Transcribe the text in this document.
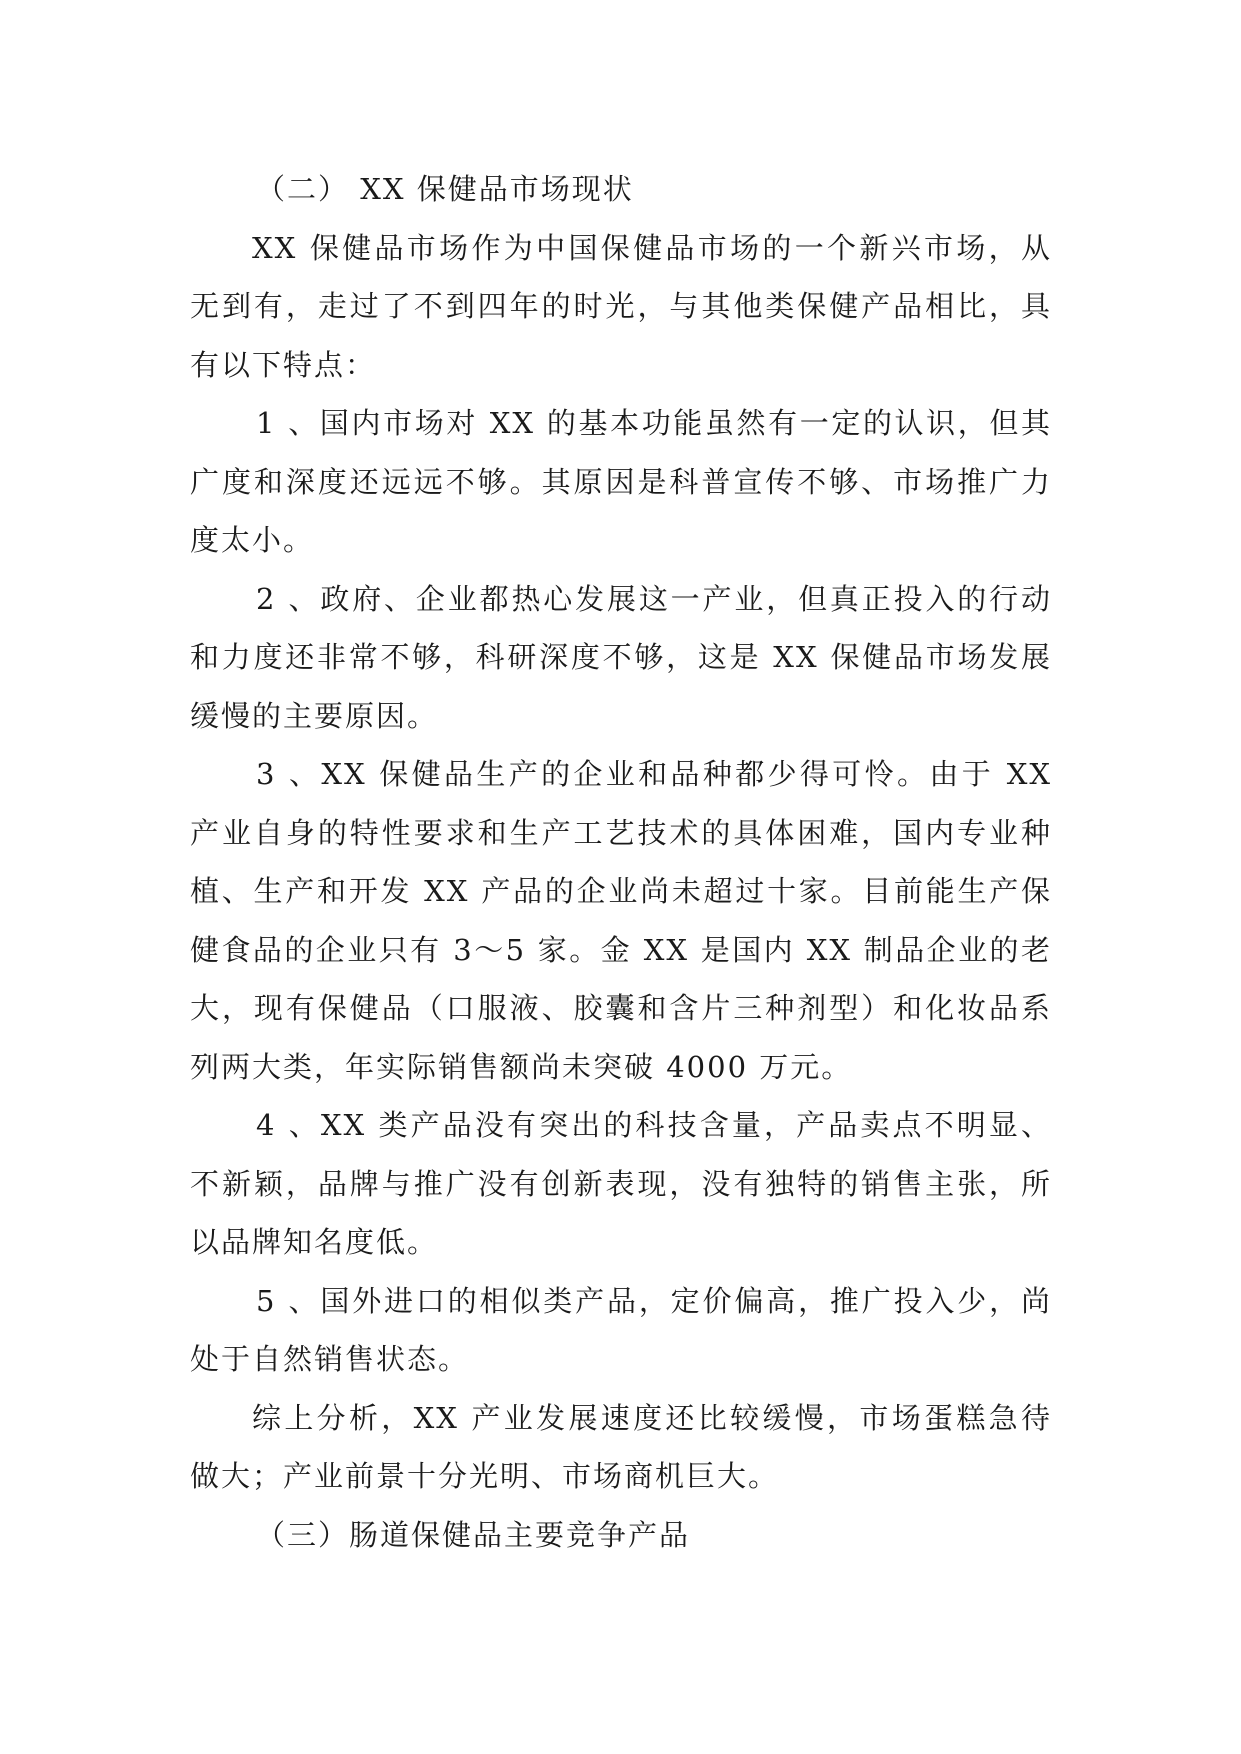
（二） XX 保健品市场现状

XX 保健品市场作为中国保健品市场的一个新兴市场，从无到有，走过了不到四年的时光，与其他类保健产品相比，具有以下特点：

1 、国内市场对 XX 的基本功能虽然有一定的认识，但其广度和深度还远远不够。其原因是科普宣传不够、市场推广力度太小。

2 、政府、企业都热心发展这一产业，但真正投入的行动和力度还非常不够，科研深度不够，这是 XX 保健品市场发展缓慢的主要原因。

3 、XX 保健品生产的企业和品种都少得可怜。由于 XX 产业自身的特性要求和生产工艺技术的具体困难，国内专业种植、生产和开发 XX 产品的企业尚未超过十家。目前能生产保健食品的企业只有 3～5 家。金 XX 是国内 XX 制品企业的老大，现有保健品（口服液、胶囊和含片三种剂型）和化妆品系列两大类，年实际销售额尚未突破 4000 万元。

4 、XX 类产品没有突出的科技含量，产品卖点不明显、不新颖，品牌与推广没有创新表现，没有独特的销售主张，所以品牌知名度低。

5 、国外进口的相似类产品，定价偏高，推广投入少，尚处于自然销售状态。

综上分析，XX 产业发展速度还比较缓慢，市场蛋糕急待做大；产业前景十分光明、市场商机巨大。

（三）肠道保健品主要竞争产品
